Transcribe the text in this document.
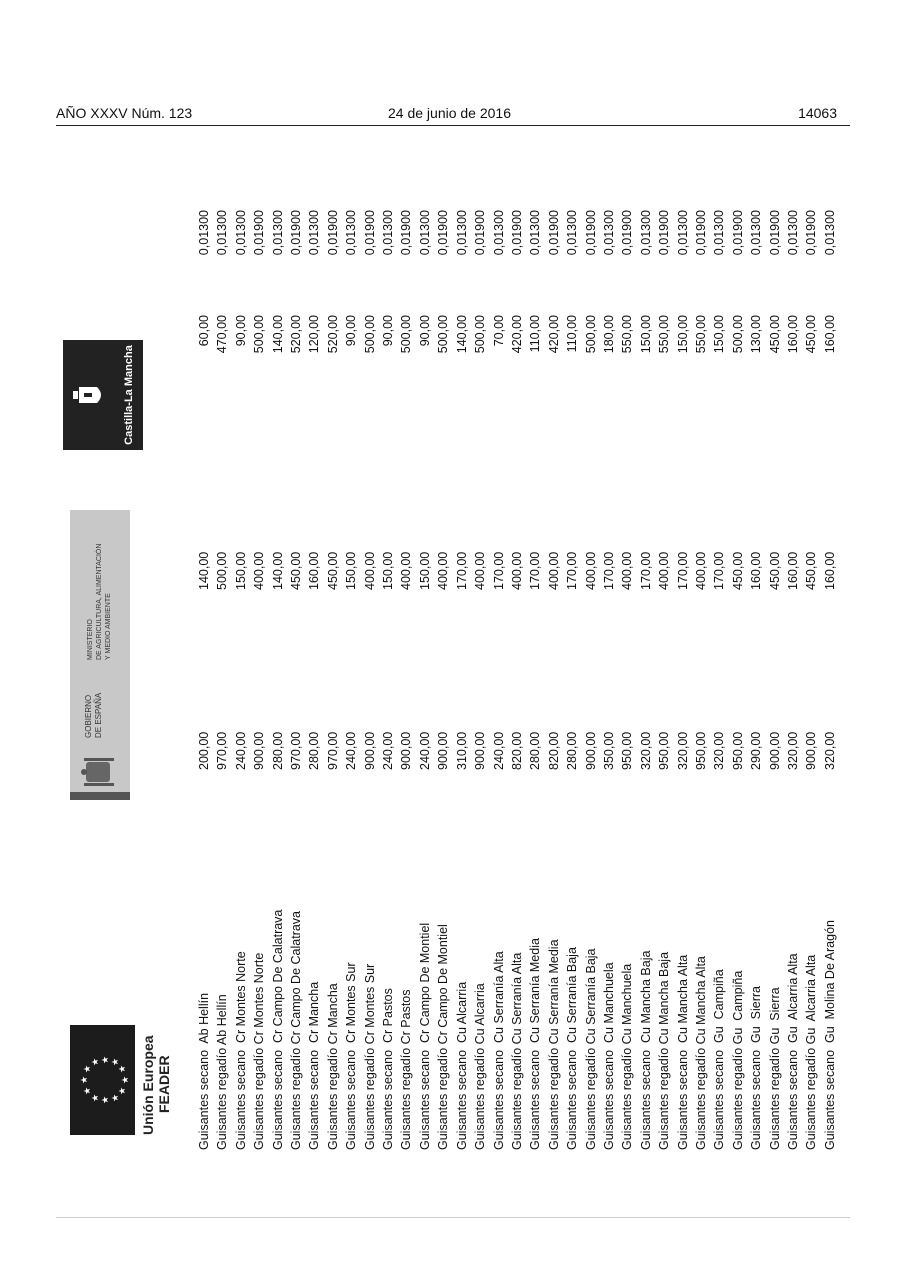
AÑO XXXV Núm. 123	24 de junio de 2016	14063
★
★
★ ★ ★
★
★
★
★
★
★
★	Unión Europea FEADER
GOBIERNO
DE ESPAÑA
MINISTERIO
DE AGRICULTURA, ALIMENTACIÓN
Y MEDIO AMBIENTE
Castilla-La Mancha
Guisantes secano  Ab Hellín	200,00	140,00	60,00	0,01300
Guisantes regadío Ab Hellín	970,00	500,00	470,00	0,01300
Guisantes secano  Cr Montes Norte	240,00	150,00	90,00	0,01300
Guisantes regadío Cr Montes Norte	900,00	400,00	500,00	0,01900
Guisantes secano  Cr Campo De Calatrava	280,00	140,00	140,00	0,01300
Guisantes regadío Cr Campo De Calatrava	970,00	450,00	520,00	0,01900
Guisantes secano  Cr Mancha	280,00	160,00	120,00	0,01300
Guisantes regadío Cr Mancha	970,00	450,00	520,00	0,01900
Guisantes secano  Cr Montes Sur	240,00	150,00	90,00	0,01300
Guisantes regadío Cr Montes Sur	900,00	400,00	500,00	0,01900
Guisantes secano  Cr Pastos	240,00	150,00	90,00	0,01300
Guisantes regadío Cr Pastos	900,00	400,00	500,00	0,01900
Guisantes secano  Cr Campo De Montiel	240,00	150,00	90,00	0,01300
Guisantes regadío Cr Campo De Montiel	900,00	400,00	500,00	0,01900
Guisantes secano  Cu Alcarria	310,00	170,00	140,00	0,01300
Guisantes regadío Cu Alcarria	900,00	400,00	500,00	0,01900
Guisantes secano  Cu Serranía Alta	240,00	170,00	70,00	0,01300
Guisantes regadío Cu Serranía Alta	820,00	400,00	420,00	0,01900
Guisantes secano  Cu Serranía Media	280,00	170,00	110,00	0,01300
Guisantes regadío Cu Serranía Media	820,00	400,00	420,00	0,01900
Guisantes secano  Cu Serranía Baja	280,00	170,00	110,00	0,01300
Guisantes regadío Cu Serranía Baja	900,00	400,00	500,00	0,01900
Guisantes secano  Cu Manchuela	350,00	170,00	180,00	0,01300
Guisantes regadío Cu Manchuela	950,00	400,00	550,00	0,01900
Guisantes secano  Cu Mancha Baja	320,00	170,00	150,00	0,01300
Guisantes regadío Cu Mancha Baja	950,00	400,00	550,00	0,01900
Guisantes secano  Cu Mancha Alta	320,00	170,00	150,00	0,01300
Guisantes regadío Cu Mancha Alta	950,00	400,00	550,00	0,01900
Guisantes secano  Gu  Campiña	320,00	170,00	150,00	0,01300
Guisantes regadío Gu  Campiña	950,00	450,00	500,00	0,01900
Guisantes secano  Gu  Sierra	290,00	160,00	130,00	0,01300
Guisantes regadío Gu  Sierra	900,00	450,00	450,00	0,01900
Guisantes secano  Gu  Alcarria Alta	320,00	160,00	160,00	0,01300
Guisantes regadío Gu  Alcarria Alta	900,00	450,00	450,00	0,01900
Guisantes secano  Gu  Molina De Aragón	320,00	160,00	160,00	0,01300
